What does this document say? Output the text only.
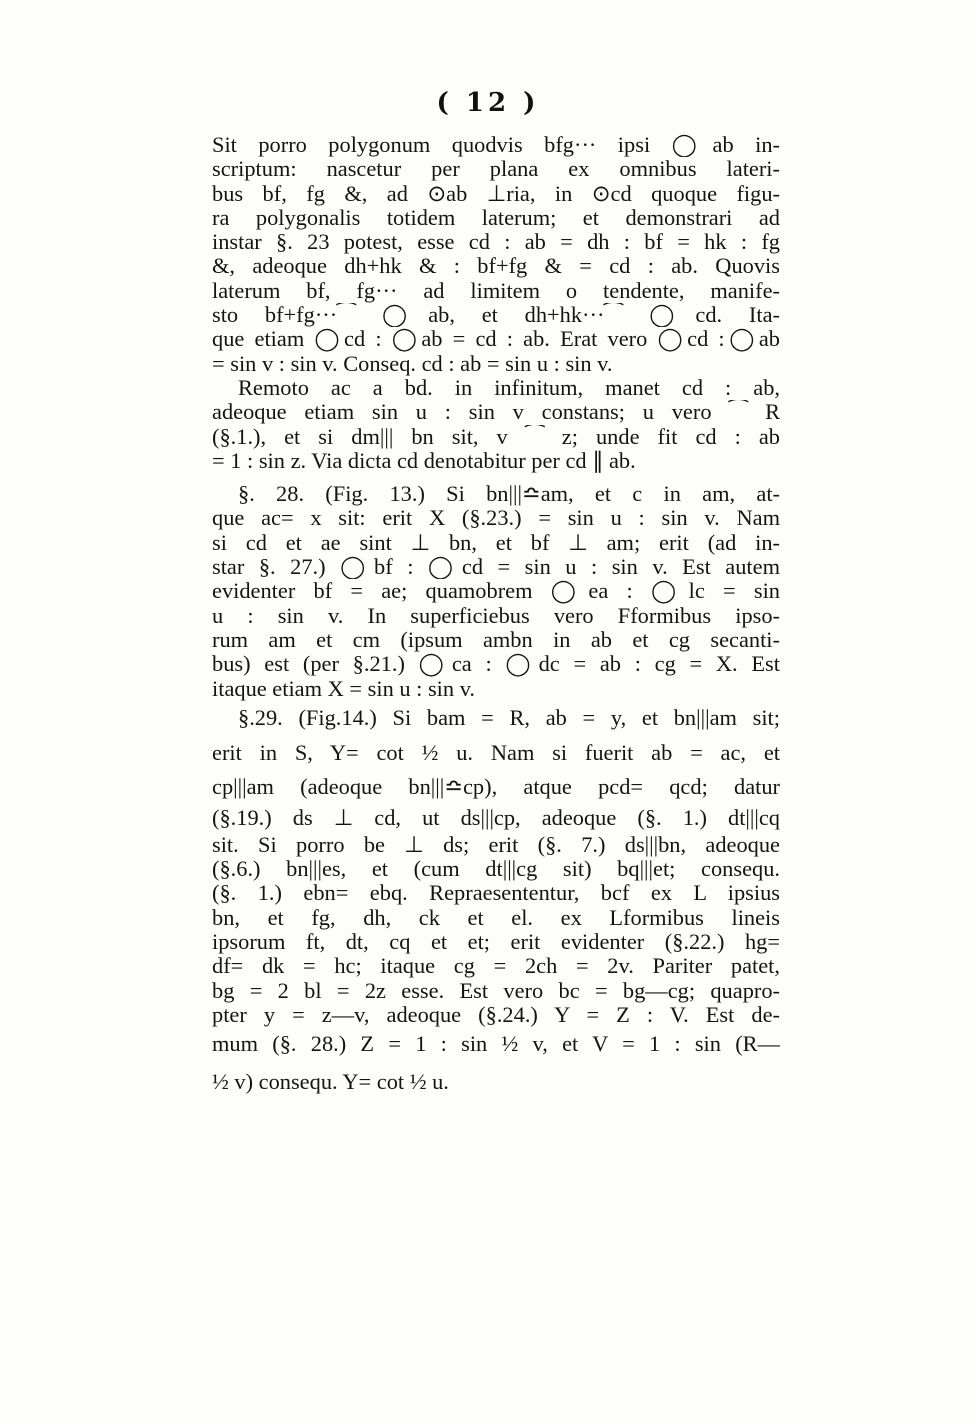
( 12 )
Sit porro polygonum quodvis bfg··· ipsi ◯ab in-
scriptum: nascetur per plana ex omnibus lateri-
bus bf, fg &, ad ⊙ab ⊥ria, in ⊙cd quoque figu-
ra polygonalis totidem laterum; et demonstrari ad
instar §. 23 potest, esse cd : ab = dh : bf = hk : fg
&, adeoque dh+hk & : bf+fg & = cd : ab. Quovis
laterum bf, fg··· ad limitem o tendente, manife-
sto bf+fg···⁀ ◯ab, et dh+hk···⁀ ◯cd. Ita-
que etiam ◯cd : ◯ab = cd : ab. Erat vero ◯cd :◯ab
= sin v : sin v. Conseq. cd : ab = sin u : sin v.
Remoto ac a bd. in infinitum, manet cd : ab,
adeoque etiam sin u : sin v constans; u vero ⁀ R
(§.1.), et si dm||| bn sit, v ⁀ z; unde fit cd : ab
= 1 : sin z. Via dicta cd denotabitur per cd ∥ ab.
§. 28. (Fig. 13.) Si bn|||≏am, et c in am, at-
que ac= x sit: erit X (§.23.) = sin u : sin v. Nam
si cd et ae sint ⊥ bn, et bf ⊥ am; erit (ad in-
star §. 27.) ◯bf : ◯cd = sin u : sin v. Est autem
evidenter bf = ae; quamobrem ◯ea : ◯lc = sin
u : sin v. In superficiebus vero Fformibus ipso-
rum am et cm (ipsum ambn in ab et cg secanti-
bus) est (per §.21.) ◯ca : ◯dc = ab : cg = X. Est
itaque etiam X = sin u : sin v.
§.29. (Fig.14.) Si bam = R, ab = y, et bn|||am sit;
erit in S, Y= cot ½ u. Nam si fuerit ab = ac, et
cp|||am (adeoque bn|||≏cp), atque pcd= qcd; datur
(§.19.) ds ⊥ cd, ut ds|||cp, adeoque (§. 1.) dt|||cq
sit. Si porro be ⊥ ds; erit (§. 7.) ds|||bn, adeoque
(§.6.) bn|||es, et (cum dt|||cg sit) bq|||et; consequ.
(§. 1.) ebn= ebq. Repraesententur, bcf ex L ipsius
bn, et fg, dh, ck et el. ex Lformibus lineis
ipsorum ft, dt, cq et et; erit evidenter (§.22.) hg=
df= dk = hc; itaque cg = 2ch = 2v. Pariter patet,
bg = 2 bl = 2z esse. Est vero bc = bg—cg; quapro-
pter y = z—v, adeoque (§.24.) Y = Z : V. Est de-
mum (§. 28.) Z = 1 : sin ½ v, et V = 1 : sin (R—
½ v) consequ. Y= cot ½ u.
